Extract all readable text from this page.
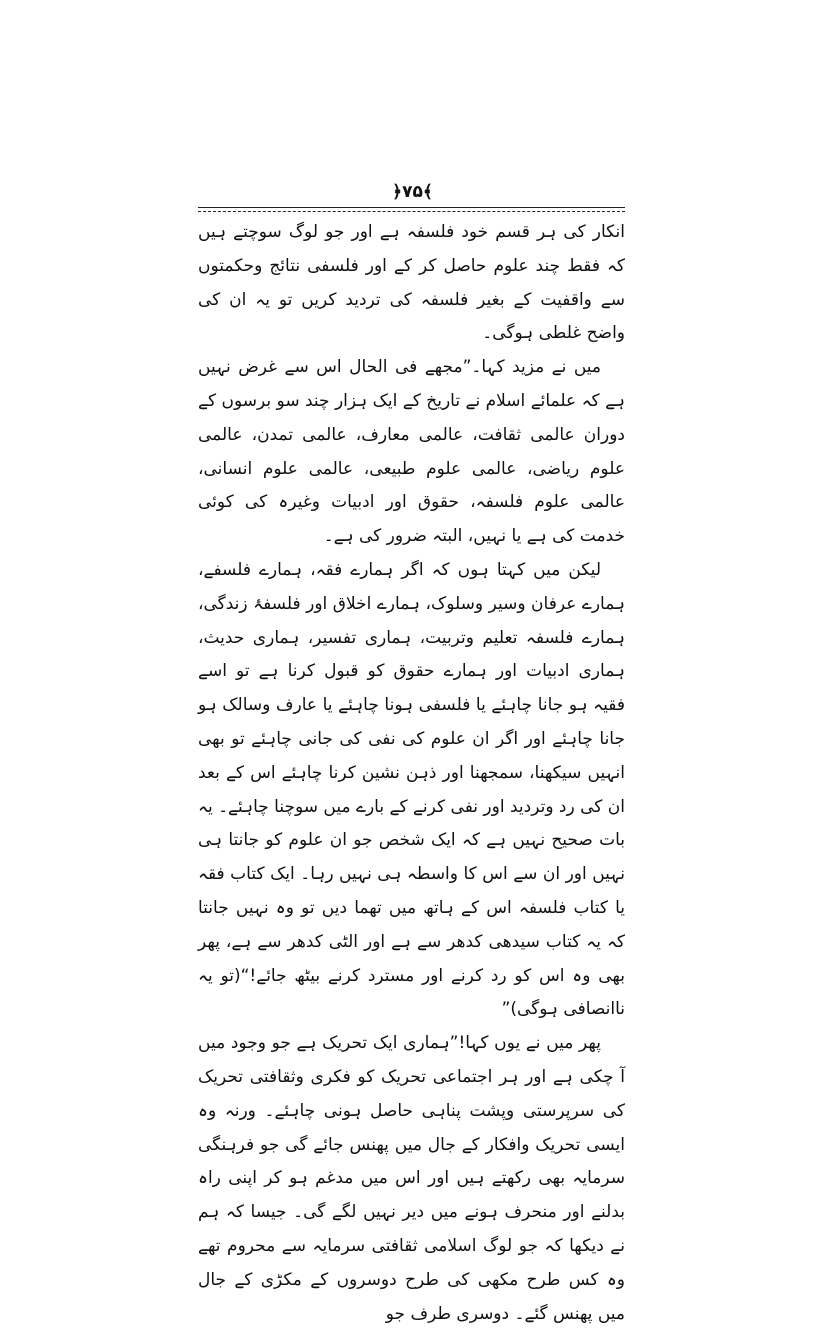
﴿۷۵﴾

انکار کی ہر قسم خود فلسفہ ہے اور جو لوگ سوچتے ہیں کہ فقط چند علوم حاصل کر کے اور فلسفی نتائج وحکمتوں سے واقفیت کے بغیر فلسفہ کی تردید کریں تو یہ ان کی واضح غلطی ہوگی۔

میں نے مزید کہا۔”مجھے فی الحال اس سے غرض نہیں ہے کہ علمائے اسلام نے تاریخ کے ایک ہزار چند سو برسوں کے دوران عالمی ثقافت، عالمی معارف، عالمی تمدن، عالمی علوم ریاضی، عالمی علوم طبیعی، عالمی علوم انسانی، عالمی علوم فلسفہ، حقوق اور ادبیات وغیرہ کی کوئی خدمت کی ہے یا نہیں، البتہ ضرور کی ہے۔

لیکن میں کہتا ہوں کہ اگر ہمارے فقہ، ہمارے فلسفے، ہمارے عرفان وسیر وسلوک، ہمارے اخلاق اور فلسفۂ زندگی، ہمارے فلسفہ تعلیم وتربیت، ہماری تفسیر، ہماری حدیث، ہماری ادبیات اور ہمارے حقوق کو قبول کرنا ہے تو اسے فقیہ ہو جانا چاہئے یا فلسفی ہونا چاہئے یا عارف وسالک ہو جانا چاہئے اور اگر ان علوم کی نفی کی جانی چاہئے تو بھی انہیں سیکھنا، سمجھنا اور ذہن نشین کرنا چاہئے اس کے بعد ان کی رد وتردید اور نفی کرنے کے بارے میں سوچنا چاہئے۔ یہ بات صحیح نہیں ہے کہ ایک شخص جو ان علوم کو جانتا ہی نہیں اور ان سے اس کا واسطہ ہی نہیں رہا۔ ایک کتاب فقہ یا کتاب فلسفہ اس کے ہاتھ میں تھما دیں تو وہ نہیں جانتا کہ یہ کتاب سیدھی کدھر سے ہے اور الٹی کدھر سے ہے، پھر بھی وہ اس کو رد کرنے اور مسترد کرنے بیٹھ جائے!“(تو یہ ناانصافی ہوگی)”

پھر میں نے یوں کہا!”ہماری ایک تحریک ہے جو وجود میں آ چکی ہے اور ہر اجتماعی تحریک کو فکری وثقافتی تحریک کی سرپرستی وپشت پناہی حاصل ہونی چاہئے۔ ورنہ وہ ایسی تحریک وافکار کے جال میں پھنس جائے گی جو فرہنگی سرمایہ بھی رکھتے ہیں اور اس میں مدغم ہو کر اپنی راہ بدلنے اور منحرف ہونے میں دیر نہیں لگے گی۔ جیسا کہ ہم نے دیکھا کہ جو لوگ اسلامی ثقافتی سرمایہ سے محروم تھے وہ کس طرح مکھی کی طرح دوسروں کے مکڑی کے جال میں پھنس گئے۔ دوسری طرف جو
